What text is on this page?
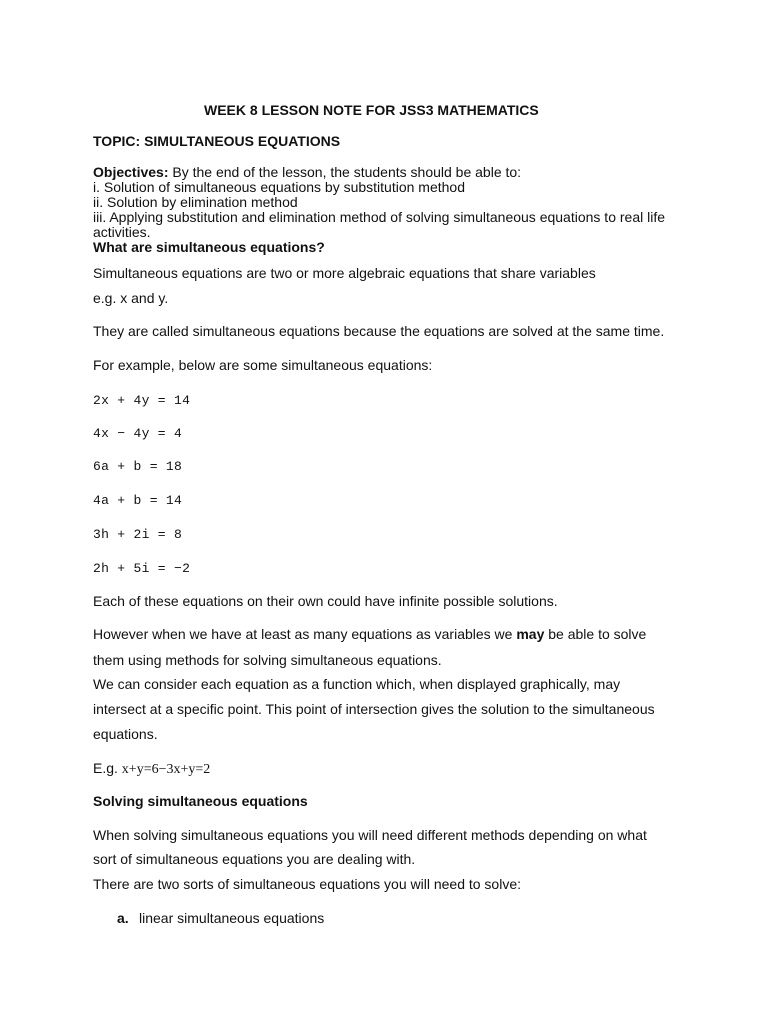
WEEK 8 LESSON NOTE FOR JSS3 MATHEMATICS
TOPIC: SIMULTANEOUS EQUATIONS
Objectives: By the end of the lesson, the students should be able to:
i. Solution of simultaneous equations by substitution method
ii. Solution by elimination method
iii. Applying substitution and elimination method of solving simultaneous equations to real life
activities.
What are simultaneous equations?
Simultaneous equations are two or more algebraic equations that share variables
e.g. x and y.
They are called simultaneous equations because the equations are solved at the same time.
For example, below are some simultaneous equations:
2x + 4y = 14
4x − 4y = 4
6a + b = 18
4a + b = 14
3h + 2i = 8
2h + 5i = −2
Each of these equations on their own could have infinite possible solutions.
However when we have at least as many equations as variables we may be able to solve
them using methods for solving simultaneous equations.
We can consider each equation as a function which, when displayed graphically, may
intersect at a specific point. This point of intersection gives the solution to the simultaneous
equations.
E.g. x+y=6−3x+y=2
Solving simultaneous equations
When solving simultaneous equations you will need different methods depending on what
sort of simultaneous equations you are dealing with.
There are two sorts of simultaneous equations you will need to solve:
a. linear simultaneous equations
